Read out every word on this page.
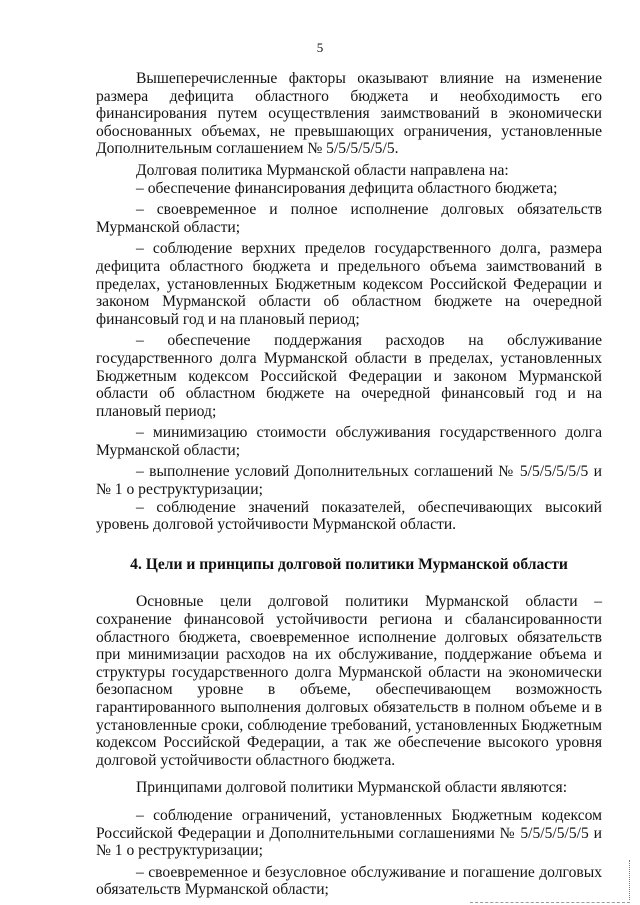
5

Вышеперечисленные факторы оказывают влияние на изменение размера дефицита областного бюджета и необходимость его финансирования путем осуществления заимствований в экономически обоснованных объемах, не превышающих ограничения, установленные Дополнительным соглашением № 5/5/5/5/5/5.

Долговая политика Мурманской области направлена на:

– обеспечение финансирования дефицита областного бюджета;

– своевременное и полное исполнение долговых обязательств Мурманской области;

– соблюдение верхних пределов государственного долга, размера дефицита областного бюджета и предельного объема заимствований в пределах, установленных Бюджетным кодексом Российской Федерации и законом Мурманской области об областном бюджете на очередной финансовый год и на плановый период;

– обеспечение поддержания расходов на обслуживание государственного долга Мурманской области в пределах, установленных Бюджетным кодексом Российской Федерации и законом Мурманской области об областном бюджете на очередной финансовый год и на плановый период;

– минимизацию стоимости обслуживания государственного долга Мурманской области;

– выполнение условий Дополнительных соглашений № 5/5/5/5/5/5 и № 1 о реструктуризации;

– соблюдение значений показателей, обеспечивающих высокий уровень долговой устойчивости Мурманской области.

4. Цели и принципы долговой политики Мурманской области

Основные цели долговой политики Мурманской области – сохранение финансовой устойчивости региона и сбалансированности областного бюджета, своевременное исполнение долговых обязательств при минимизации расходов на их обслуживание, поддержание объема и структуры государственного долга Мурманской области на экономически безопасном уровне в объеме, обеспечивающем возможность гарантированного выполнения долговых обязательств в полном объеме и в установленные сроки, соблюдение требований, установленных Бюджетным кодексом Российской Федерации, а так же обеспечение высокого уровня долговой устойчивости областного бюджета.

Принципами долговой политики Мурманской области являются:

– соблюдение ограничений, установленных Бюджетным кодексом Российской Федерации и Дополнительными соглашениями № 5/5/5/5/5/5 и № 1 о реструктуризации;

– своевременное и безусловное обслуживание и погашение долговых обязательств Мурманской области;
